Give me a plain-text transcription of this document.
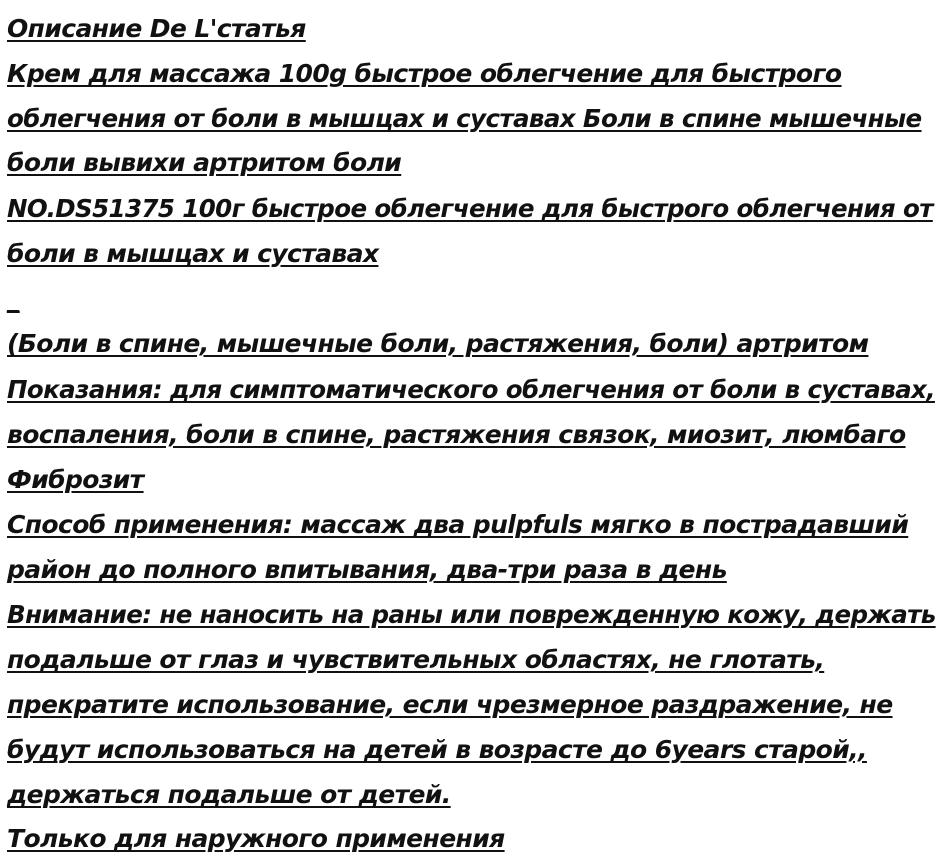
Описание De L'статья
Крем для массажа 100g быстрое облегчение для быстрого
облегчения от боли в мышцах и суставах Боли в спине мышечные
боли вывихи артритом боли
NO.DS51375 100г быстрое облегчение для быстрого облегчения от
боли в мышцах и суставах
_
(Боли в спине, мышечные боли, растяжения, боли) артритом
Показания: для симптоматического облегчения от боли в суставах,
воспаления, боли в спине, растяжения связок, миозит, люмбаго
Фиброзит
Способ применения: массаж два pulpfuls мягко в пострадавший
район до полного впитывания, два-три раза в день
Внимание: не наносить на раны или поврежденную кожу, держать
подальше от глаз и чувствительных областях, не глотать,
прекратите использование, если чрезмерное раздражение, не
будут использоваться на детей в возрасте до 6years старой,,
держаться подальше от детей.
Только для наружного применения
